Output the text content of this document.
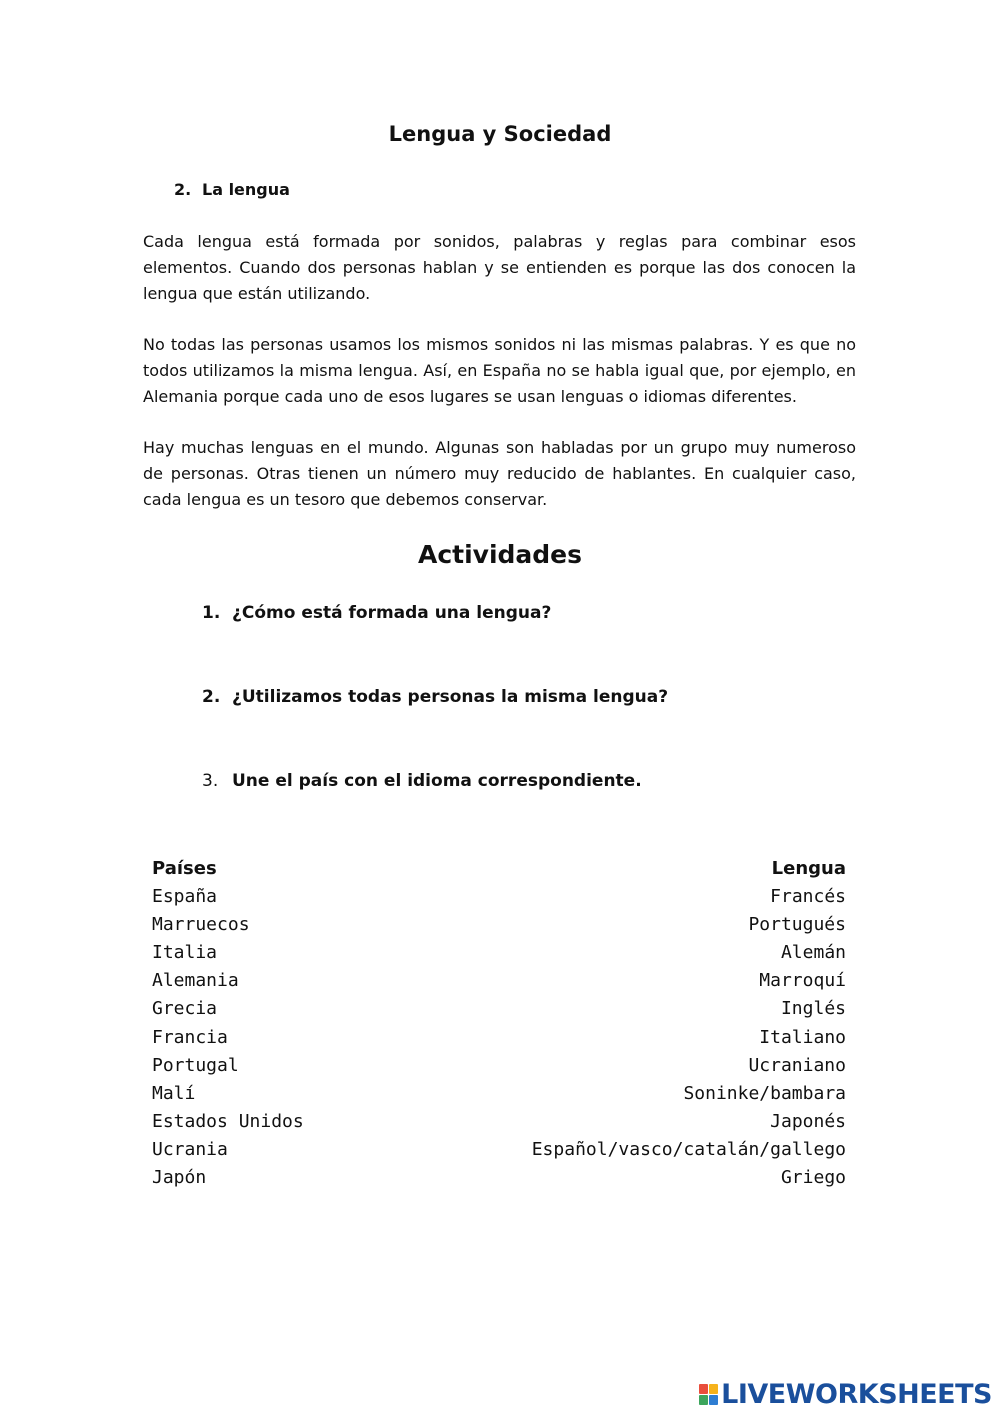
Lengua y Sociedad
2. La lengua
Cada lengua está formada por sonidos, palabras y reglas para combinar esos elementos. Cuando dos personas hablan y se entienden es porque las dos conocen la lengua que están utilizando.
No todas las personas usamos los mismos sonidos ni las mismas palabras. Y es que no todos utilizamos la misma lengua. Así, en España no se habla igual que, por ejemplo, en Alemania porque cada uno de esos lugares se usan lenguas o idiomas diferentes.
Hay muchas lenguas en el mundo. Algunas son habladas por un grupo muy numeroso de personas. Otras tienen un número muy reducido de hablantes. En cualquier caso, cada lengua es un tesoro que debemos conservar.
Actividades
1. ¿Cómo está formada una lengua?
2. ¿Utilizamos todas personas la misma lengua?
3. Une el país con el idioma correspondiente.
Países
España
Marruecos
Italia
Alemania
Grecia
Francia
Portugal
Malí
Estados Unidos
Ucrania
Japón
Lengua
Francés
Portugués
Alemán
Marroquí
Inglés
Italiano
Ucraniano
Soninke/bambara
Japonés
Español/vasco/catalán/gallego
Griego
LIVEWORKSHEETS
